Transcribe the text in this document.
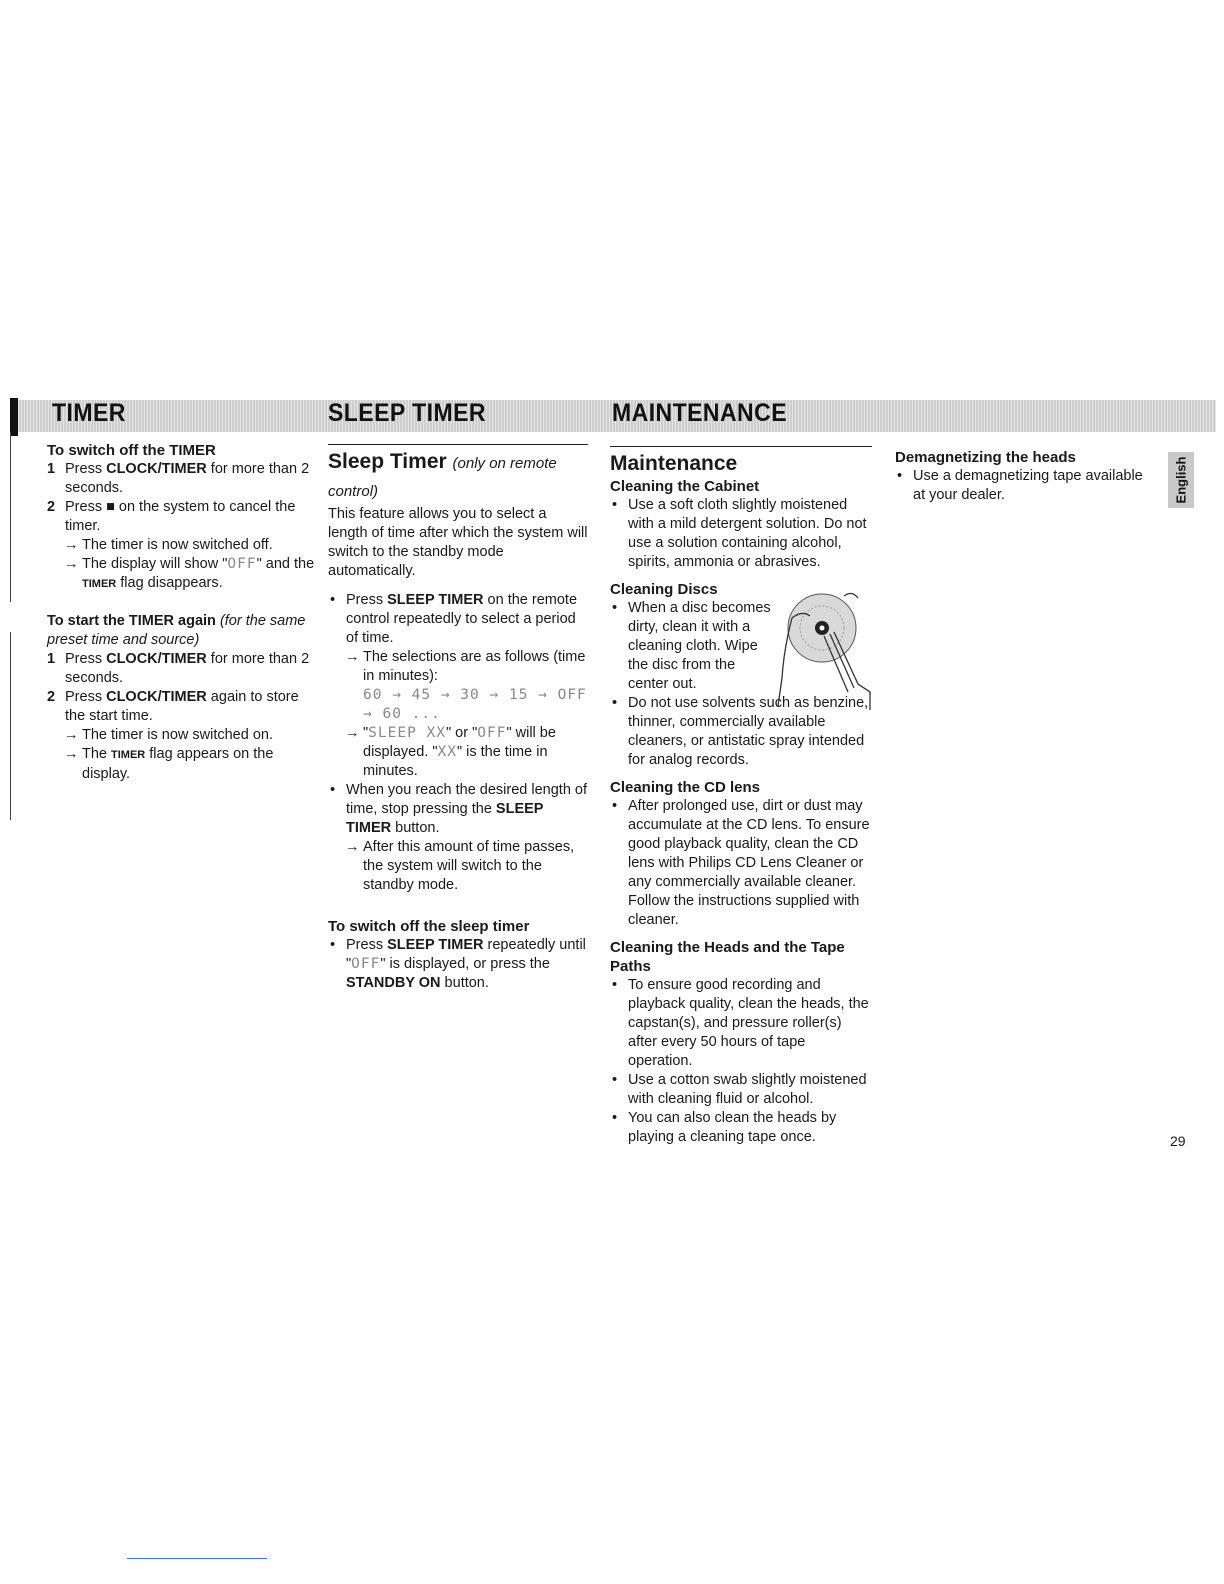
TIMER	SLEEP TIMER	MAINTENANCE

To switch off the TIMER

1 Press CLOCK/TIMER for more than 2 seconds.
2 Press ■ on the system to cancel the timer.
→ The timer is now switched off.
→ The display will show "OFF" and the TIMER flag disappears.

To start the TIMER again (for the same preset time and source)

1 Press CLOCK/TIMER for more than 2 seconds.
2 Press CLOCK/TIMER again to store the start time.
→ The timer is now switched on.
→ The TIMER flag appears on the display.

Sleep Timer (only on remote control)

This feature allows you to select a length of time after which the system will switch to the standby mode automatically.

• Press SLEEP TIMER on the remote control repeatedly to select a period of time.
→ The selections are as follows (time in minutes):
60 → 45 → 30 → 15 → OFF → 60 ...
→ "SLEEP XX" or "OFF" will be displayed. "XX" is the time in minutes.
• When you reach the desired length of time, stop pressing the SLEEP TIMER button.
→ After this amount of time passes, the system will switch to the standby mode.

To switch off the sleep timer

• Press SLEEP TIMER repeatedly until "OFF" is displayed, or press the STANDBY ON button.

Maintenance

Cleaning the Cabinet

• Use a soft cloth slightly moistened with a mild detergent solution. Do not use a solution containing alcohol, spirits, ammonia or abrasives.

Cleaning Discs

• When a disc becomes dirty, clean it with a cleaning cloth. Wipe the disc from the center out.
• Do not use solvents such as benzine, thinner, commercially available cleaners, or antistatic spray intended for analog records.

Cleaning the CD lens

• After prolonged use, dirt or dust may accumulate at the CD lens. To ensure good playback quality, clean the CD lens with Philips CD Lens Cleaner or any commercially available cleaner. Follow the instructions supplied with cleaner.

Cleaning the Heads and the Tape Paths

• To ensure good recording and playback quality, clean the heads, the capstan(s), and pressure roller(s) after every 50 hours of tape operation.
• Use a cotton swab slightly moistened with cleaning fluid or alcohol.
• You can also clean the heads by playing a cleaning tape once.

Demagnetizing the heads

• Use a demagnetizing tape available at your dealer.	English
29
